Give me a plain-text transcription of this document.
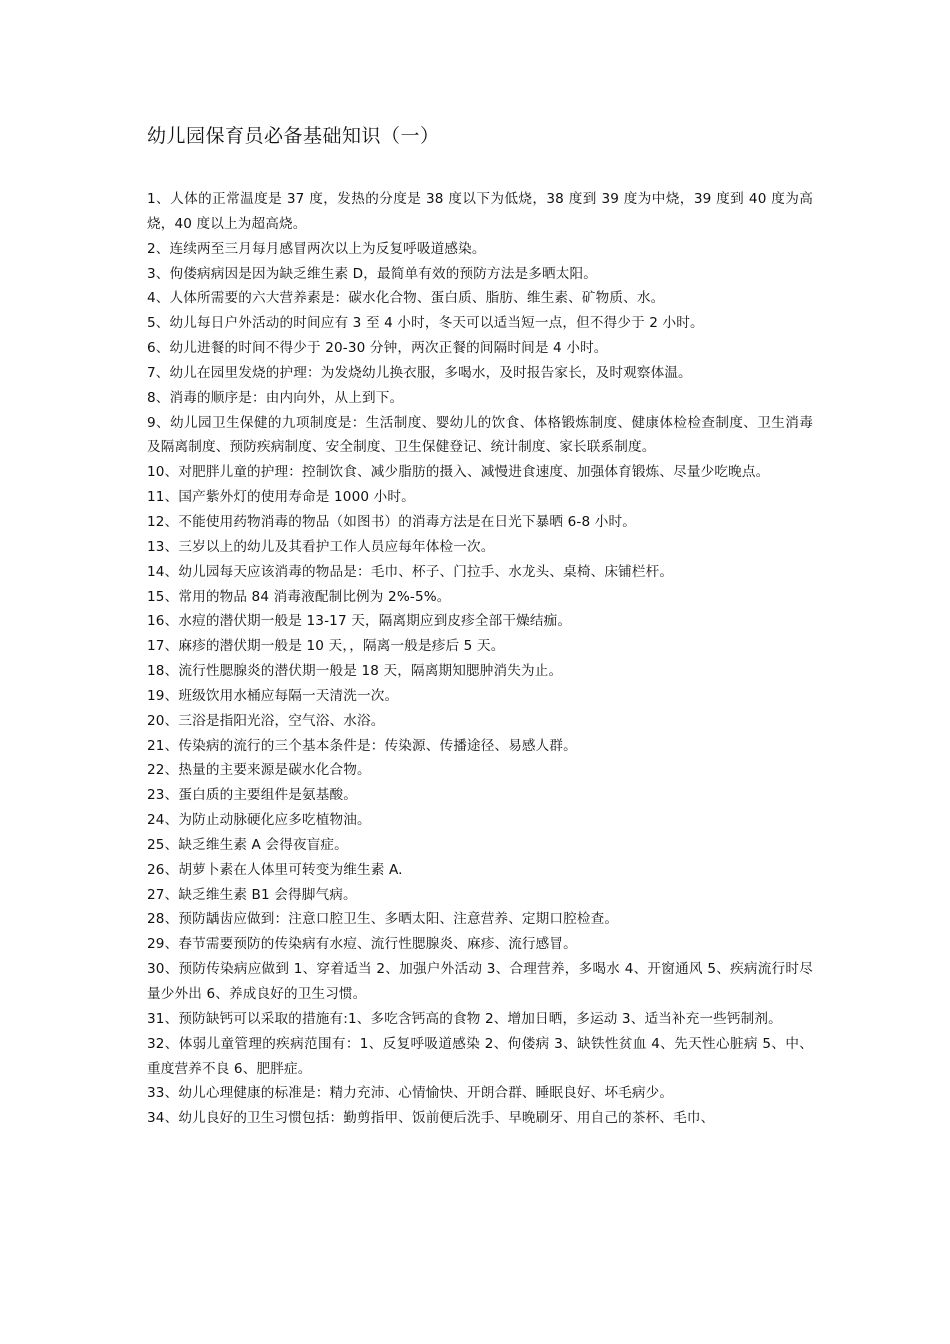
幼儿园保育员必备基础知识（一）

1、人体的正常温度是 37 度，发热的分度是 38 度以下为低烧，38 度到 39 度为中烧，39 度到 40 度为高烧，40 度以上为超高烧。

2、连续两至三月每月感冒两次以上为反复呼吸道感染。

3、佝偻病病因是因为缺乏维生素 D，最简单有效的预防方法是多晒太阳。

4、人体所需要的六大营养素是：碳水化合物、蛋白质、脂肪、维生素、矿物质、水。

5、幼儿每日户外活动的时间应有 3 至 4 小时，冬天可以适当短一点，但不得少于 2 小时。

6、幼儿进餐的时间不得少于 20-30 分钟，两次正餐的间隔时间是 4 小时。

7、幼儿在园里发烧的护理：为发烧幼儿换衣服，多喝水，及时报告家长，及时观察体温。

8、消毒的顺序是：由内向外，从上到下。

9、幼儿园卫生保健的九项制度是：生活制度、婴幼儿的饮食、体格锻炼制度、健康体检检查制度、卫生消毒及隔离制度、预防疾病制度、安全制度、卫生保健登记、统计制度、家长联系制度。

10、对肥胖儿童的护理：控制饮食、减少脂肪的摄入、减慢进食速度、加强体育锻炼、尽量少吃晚点。

11、国产紫外灯的使用寿命是 1000 小时。

12、不能使用药物消毒的物品（如图书）的消毒方法是在日光下暴晒 6-8 小时。

13、三岁以上的幼儿及其看护工作人员应每年体检一次。

14、幼儿园每天应该消毒的物品是：毛巾、杯子、门拉手、水龙头、桌椅、床铺栏杆。

15、常用的物品 84 消毒液配制比例为 2%-5%。

16、水痘的潜伏期一般是 13-17 天，隔离期应到皮疹全部干燥结痂。

17、麻疹的潜伏期一般是 10 天，，隔离一般是疹后 5 天。

18、流行性腮腺炎的潜伏期一般是 18 天，隔离期知腮肿消失为止。

19、班级饮用水桶应每隔一天清洗一次。

20、三浴是指阳光浴，空气浴、水浴。

21、传染病的流行的三个基本条件是：传染源、传播途径、易感人群。

22、热量的主要来源是碳水化合物。

23、蛋白质的主要组件是氨基酸。

24、为防止动脉硬化应多吃植物油。

25、缺乏维生素 A 会得夜盲症。

26、胡萝卜素在人体里可转变为维生素 A.

27、缺乏维生素 B1 会得脚气病。

28、预防龋齿应做到：注意口腔卫生、多晒太阳、注意营养、定期口腔检查。

29、春节需要预防的传染病有水痘、流行性腮腺炎、麻疹、流行感冒。

30、预防传染病应做到 1、穿着适当 2、加强户外活动 3、合理营养，多喝水 4、开窗通风 5、疾病流行时尽量少外出 6、养成良好的卫生习惯。

31、预防缺钙可以采取的措施有:1、多吃含钙高的食物 2、增加日晒，多运动 3、适当补充一些钙制剂。

32、体弱儿童管理的疾病范围有：1、反复呼吸道感染 2、佝偻病 3、缺铁性贫血 4、先天性心脏病 5、中、重度营养不良 6、肥胖症。

33、幼儿心理健康的标准是：精力充沛、心情愉快、开朗合群、睡眠良好、坏毛病少。

34、幼儿良好的卫生习惯包括：勤剪指甲、饭前便后洗手、早晚刷牙、用自己的茶杯、毛巾、
